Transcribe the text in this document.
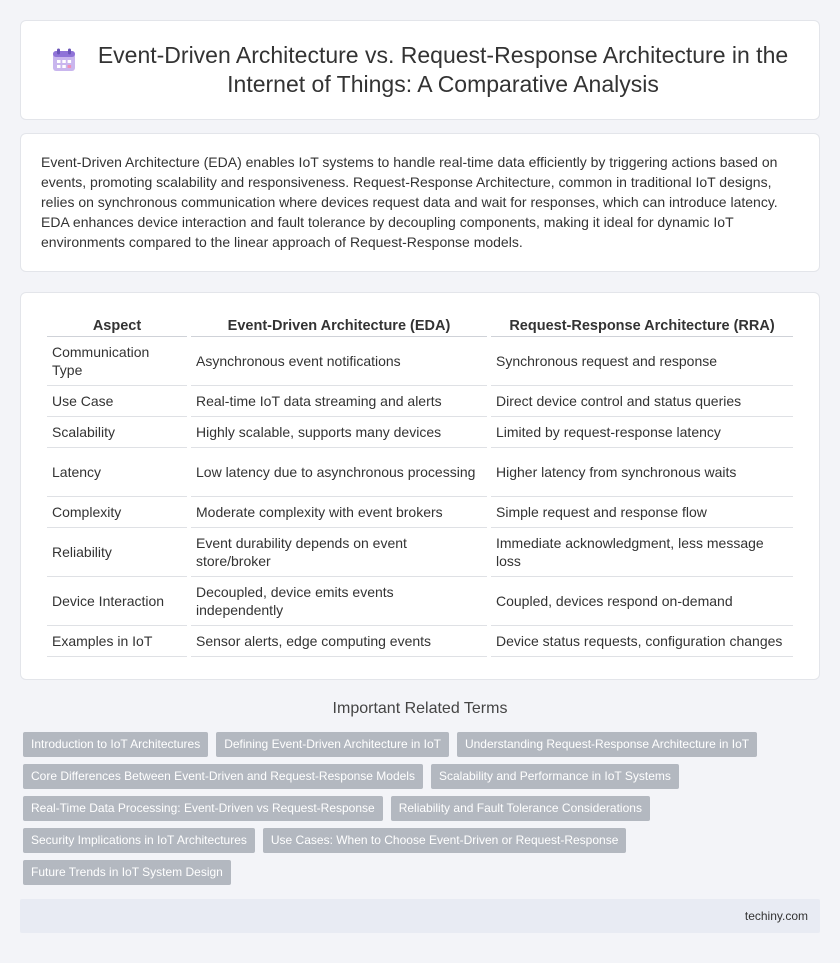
Event-Driven Architecture vs. Request-Response Architecture in the Internet of Things: A Comparative Analysis

Event-Driven Architecture (EDA) enables IoT systems to handle real-time data efficiently by triggering actions based on events, promoting scalability and responsiveness. Request-Response Architecture, common in traditional IoT designs, relies on synchronous communication where devices request data and wait for responses, which can introduce latency. EDA enhances device interaction and fault tolerance by decoupling components, making it ideal for dynamic IoT environments compared to the linear approach of Request-Response models.

Aspect	Event-Driven Architecture (EDA)	Request-Response Architecture (RRA)
Communication Type	Asynchronous event notifications	Synchronous request and response
Use Case	Real-time IoT data streaming and alerts	Direct device control and status queries
Scalability	Highly scalable, supports many devices	Limited by request-response latency
Latency	Low latency due to asynchronous processing	Higher latency from synchronous waits
Complexity	Moderate complexity with event brokers	Simple request and response flow
Reliability	Event durability depends on event store/broker	Immediate acknowledgment, less message loss
Device Interaction	Decoupled, device emits events independently	Coupled, devices respond on-demand
Examples in IoT	Sensor alerts, edge computing events	Device status requests, configuration changes
Important Related Terms
Introduction to IoT Architectures	Defining Event-Driven Architecture in IoT	Understanding Request-Response Architecture in IoT
Core Differences Between Event-Driven and Request-Response Models	Scalability and Performance in IoT Systems
Real-Time Data Processing: Event-Driven vs Request-Response	Reliability and Fault Tolerance Considerations
Security Implications in IoT Architectures	Use Cases: When to Choose Event-Driven or Request-Response
Future Trends in IoT System Design
techiny.com
